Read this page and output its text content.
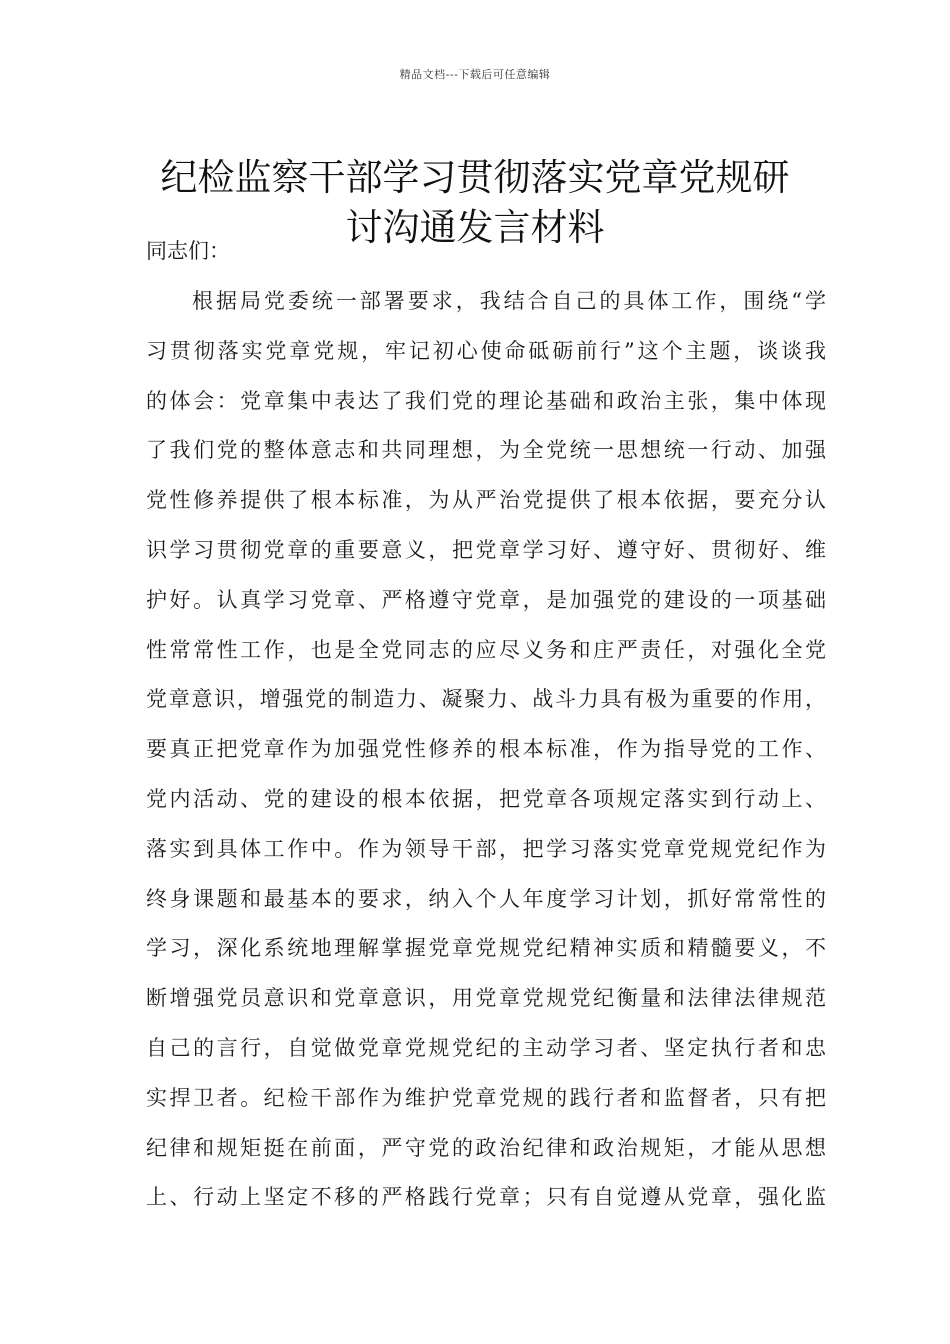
精品文档---下载后可任意编辑
纪检监察干部学习贯彻落实党章党规研
讨沟通发言材料
同志们：
根据局党委统一部署要求，我结合自己的具体工作，围绕“学
习贯彻落实党章党规，牢记初心使命砥砺前行”这个主题，谈谈我
的体会：党章集中表达了我们党的理论基础和政治主张，集中体现
了我们党的整体意志和共同理想，为全党统一思想统一行动、加强
党性修养提供了根本标准，为从严治党提供了根本依据，要充分认
识学习贯彻党章的重要意义，把党章学习好、遵守好、贯彻好、维
护好。认真学习党章、严格遵守党章，是加强党的建设的一项基础
性常常性工作，也是全党同志的应尽义务和庄严责任，对强化全党
党章意识，增强党的制造力、凝聚力、战斗力具有极为重要的作用，
要真正把党章作为加强党性修养的根本标准，作为指导党的工作、
党内活动、党的建设的根本依据，把党章各项规定落实到行动上、
落实到具体工作中。作为领导干部，把学习落实党章党规党纪作为
终身课题和最基本的要求，纳入个人年度学习计划，抓好常常性的
学习，深化系统地理解掌握党章党规党纪精神实质和精髓要义，不
断增强党员意识和党章意识，用党章党规党纪衡量和法律法律规范
自己的言行，自觉做党章党规党纪的主动学习者、坚定执行者和忠
实捍卫者。纪检干部作为维护党章党规的践行者和监督者，只有把
纪律和规矩挺在前面，严守党的政治纪律和政治规矩，才能从思想
上、行动上坚定不移的严格践行党章；只有自觉遵从党章，强化监
